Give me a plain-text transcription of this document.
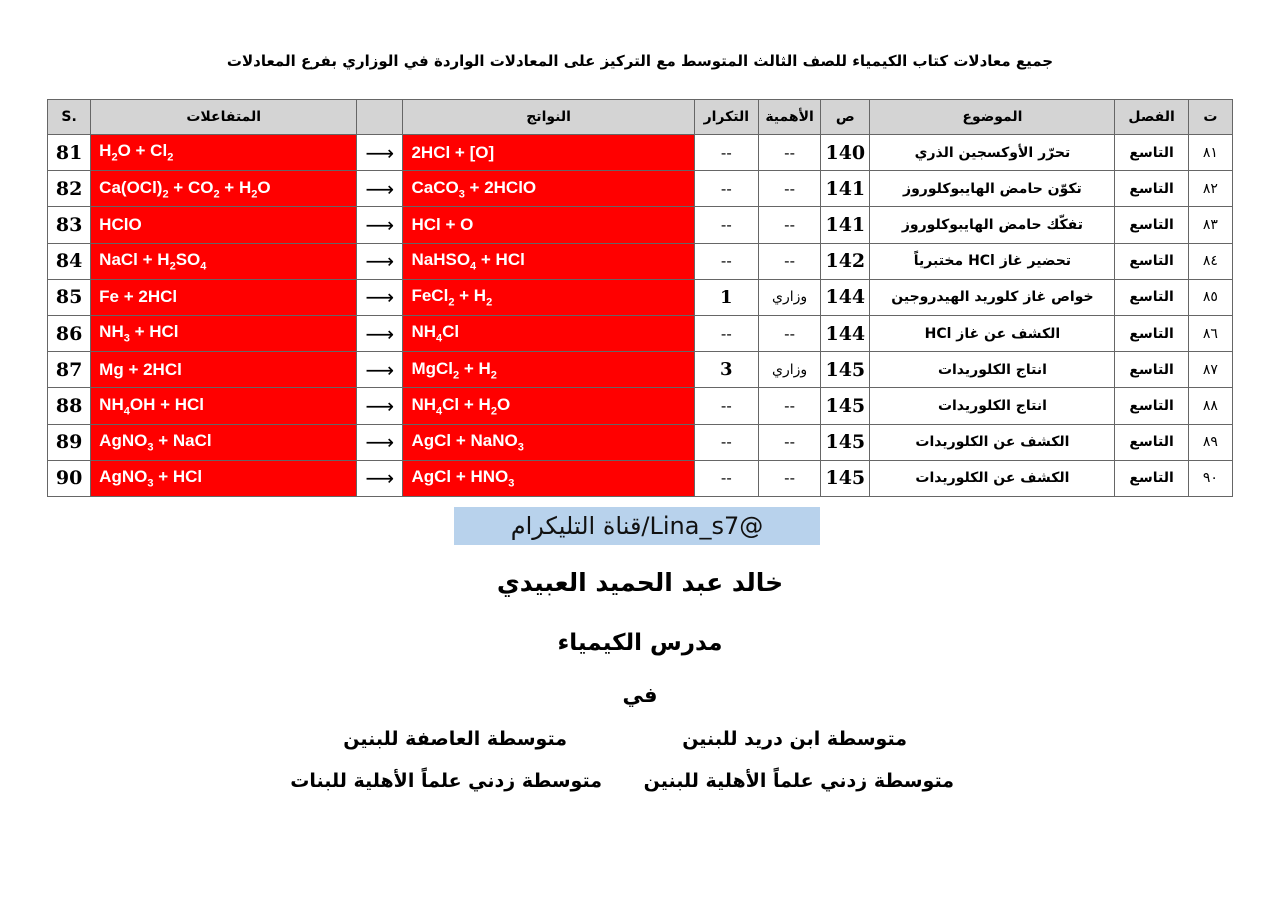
جميع معادلات كتاب الكيمياء للصف الثالث المتوسط مع التركيز على المعادلات الواردة في الوزاري بفرع المعادلات
S.	المتفاعلات		النواتج	التكرار	الأهمية	ص	الموضوع	الفصل	ت
81	$H_2O + Cl_2$	⟶	2HCl + [O]	--	--	140	تحرّر الأوكسجين الذري	التاسع	٨١
82	$Ca(OCl)_2 + CO_2 + H_2O$	⟶	CaCO$_3$ + 2HClO	--	--	141	تكوّن حامض الهايبوكلوروز	التاسع	٨٢
83	HClO	⟶	HCl + O	--	--	141	تفكّك حامض الهايبوكلوروز	التاسع	٨٣
84	NaCl + $H_2SO_4$	⟶	NaHSO$_4$ + HCl	--	--	142	تحضير غاز HCl مختبرياً	التاسع	٨٤
85	Fe + 2HCl	⟶	FeCl$_2$ + $H_2$	1	وزاري	144	خواص غاز كلوريد الهيدروجين	التاسع	٨٥
86	$NH_3$ + HCl	⟶	$NH_4Cl$	--	--	144	الكشف عن غاز HCl	التاسع	٨٦
87	Mg + 2HCl	⟶	MgCl$_2$ + $H_2$	3	وزاري	145	انتاج الكلوريدات	التاسع	٨٧
88	$NH_4OH$ + HCl	⟶	$NH_4Cl + H_2O$	--	--	145	انتاج الكلوريدات	التاسع	٨٨
89	AgNO$_3$ + NaCl	⟶	AgCl + NaNO$_3$	--	--	145	الكشف عن الكلوريدات	التاسع	٨٩
90	AgNO$_3$ + HCl	⟶	AgCl + $HNO_3$	--	--	145	الكشف عن الكلوريدات	التاسع	٩٠
قناة التليكرام/Lina_s7@
خالد عبد الحميد العبيدي
مدرس الكيمياء
في
متوسطة ابن دريد للبنين
متوسطة العاصفة للبنين
متوسطة زدني علماً الأهلية للبنين
متوسطة زدني علماً الأهلية للبنات
